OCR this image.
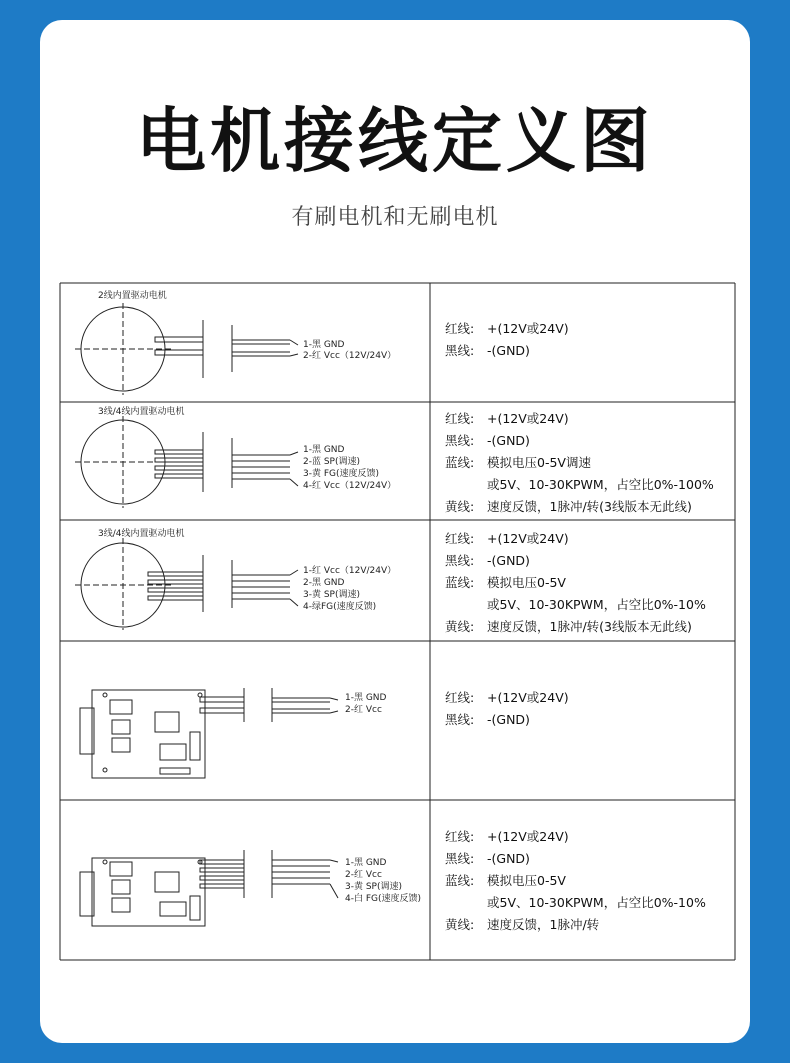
电机接线定义图
有刷电机和无刷电机
2线内置驱动电机
1-黑 GND
2-红 Vcc（12V/24V）
红线: +(12V或24V)
黑线: -(GND)
3线/4线内置驱动电机
1-黑 GND
2-蓝 SP(调速)
3-黄 FG(速度反馈)
4-红 Vcc（12V/24V）
红线: +(12V或24V)
黑线: -(GND)
蓝线: 模拟电压0-5V调速
或5V、10-30KPWM，占空比0%-100%
黄线: 速度反馈，1脉冲/转(3线版本无此线)
3线/4线内置驱动电机
1-红 Vcc（12V/24V）
2-黑 GND
3-黄 SP(调速)
4-绿FG(速度反馈)
红线: +(12V或24V)
黑线: -(GND)
蓝线: 模拟电压0-5V
或5V、10-30KPWM，占空比0%-10%
黄线: 速度反馈，1脉冲/转(3线版本无此线)
1-黑 GND
2-红 Vcc
红线: +(12V或24V)
黑线: -(GND)
1-黑 GND
2-红 Vcc
3-黄 SP(调速)
4-白 FG(速度反馈)
红线: +(12V或24V)
黑线: -(GND)
蓝线: 模拟电压0-5V
或5V、10-30KPWM，占空比0%-10%
黄线: 速度反馈，1脉冲/转
